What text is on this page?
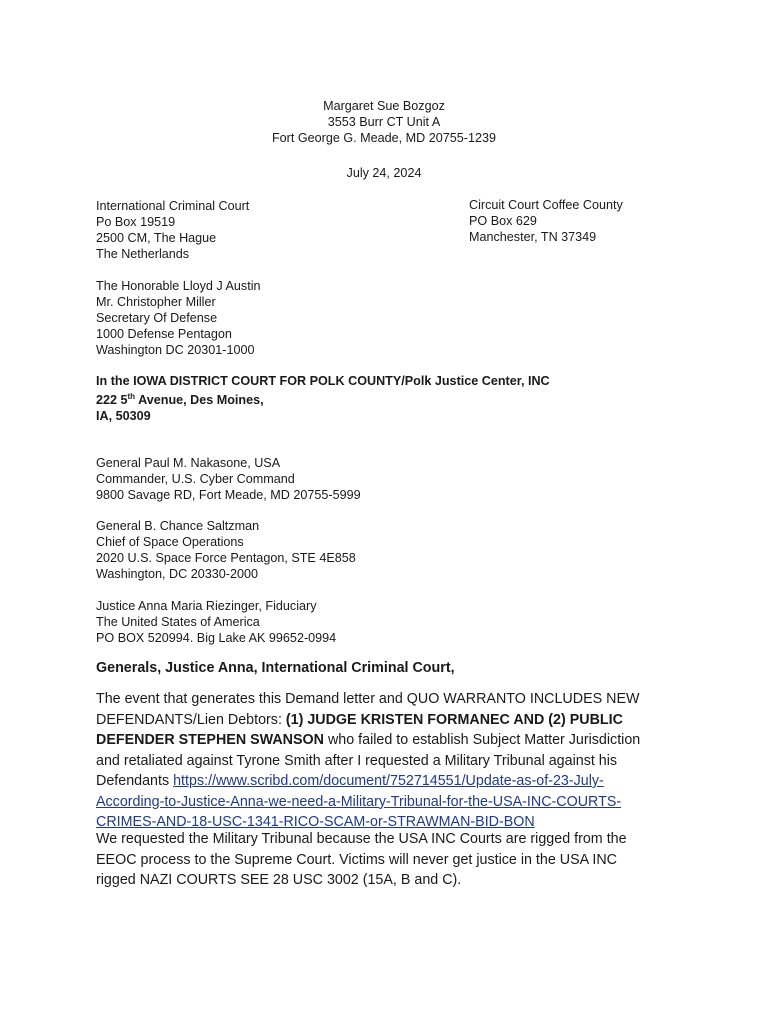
Margaret Sue Bozgoz
3553 Burr CT Unit A
Fort George G. Meade, MD 20755-1239
July 24, 2024
International Criminal Court
Po Box 19519
2500 CM, The Hague
The Netherlands
Circuit Court Coffee County
PO Box 629
Manchester, TN 37349
The Honorable Lloyd J Austin
Mr. Christopher Miller
Secretary Of Defense
1000 Defense Pentagon
Washington DC 20301-1000
In the IOWA DISTRICT COURT FOR POLK COUNTY/Polk Justice Center, INC
222 5th Avenue, Des Moines,
IA, 50309
General Paul M. Nakasone, USA
Commander, U.S. Cyber Command
9800 Savage RD, Fort Meade, MD 20755-5999
General B. Chance Saltzman
Chief of Space Operations
2020 U.S. Space Force Pentagon, STE 4E858
Washington, DC 20330-2000
Justice Anna Maria Riezinger, Fiduciary
The United States of America
PO BOX 520994. Big Lake AK 99652-0994
Generals, Justice Anna, International Criminal Court,
The event that generates this Demand letter and QUO WARRANTO INCLUDES NEW
DEFENDANTS/Lien Debtors: (1) JUDGE KRISTEN FORMANEC AND (2) PUBLIC
DEFENDER STEPHEN SWANSON who failed to establish Subject Matter Jurisdiction
and retaliated against Tyrone Smith after I requested a Military Tribunal against his
Defendants https://www.scribd.com/document/752714551/Update-as-of-23-July-
According-to-Justice-Anna-we-need-a-Military-Tribunal-for-the-USA-INC-COURTS-
CRIMES-AND-18-USC-1341-RICO-SCAM-or-STRAWMAN-BID-BON
We requested the Military Tribunal because the USA INC Courts are rigged from the
EEOC process to the Supreme Court. Victims will never get justice in the USA INC
rigged NAZI COURTS SEE 28 USC 3002 (15A, B and C).
